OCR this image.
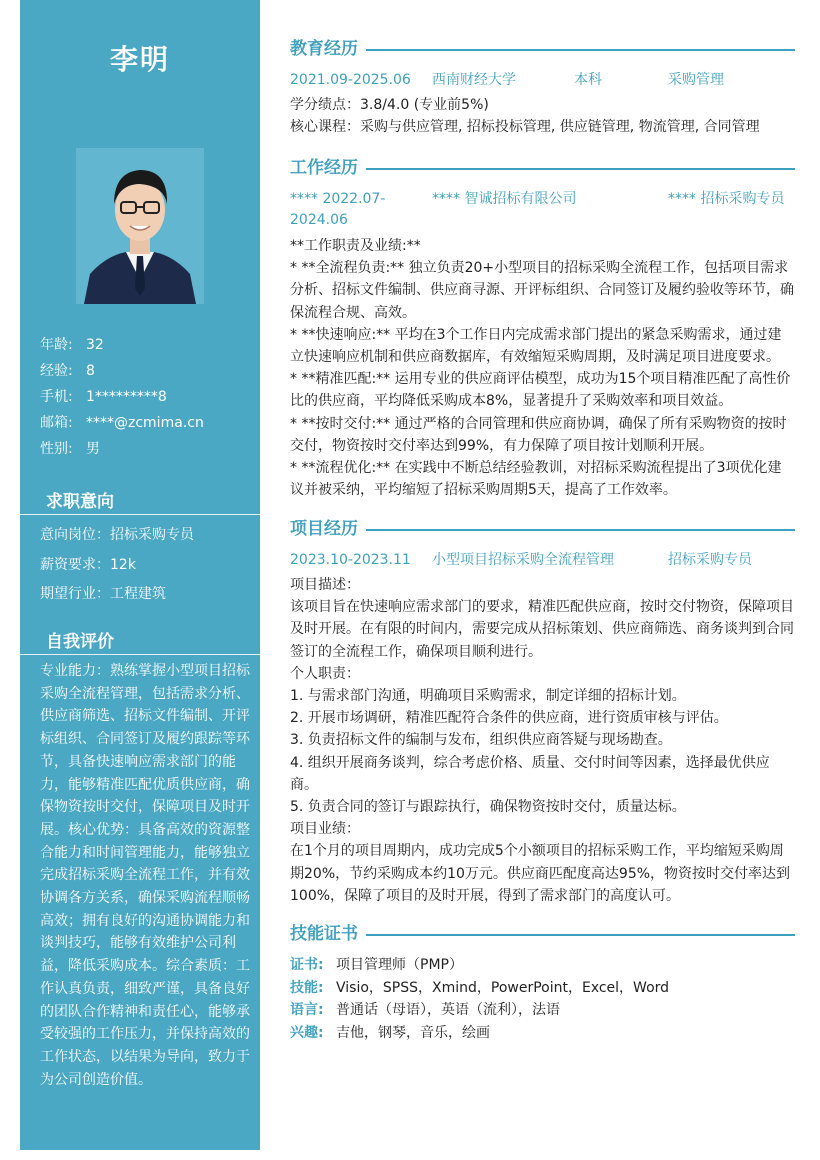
李明
年龄: 32
经验: 8
手机: 1*********8
邮箱: ****@zcmima.cn
性别: 男
求职意向
意向岗位：招标采购专员
薪资要求：12k
期望行业：工程建筑
自我评价
专业能力：熟练掌握小型项目招标采购全流程管理，包括需求分析、供应商筛选、招标文件编制、开评标组织、合同签订及履约跟踪等环节，具备快速响应需求部门的能力，能够精准匹配优质供应商，确保物资按时交付，保障项目及时开展。核心优势：具备高效的资源整合能力和时间管理能力，能够独立完成招标采购全流程工作，并有效协调各方关系，确保采购流程顺畅高效；拥有良好的沟通协调能力和谈判技巧，能够有效维护公司利益，降低采购成本。综合素质：工作认真负责，细致严谨，具备良好的团队合作精神和责任心，能够承受较强的工作压力，并保持高效的工作状态，以结果为导向，致力于为公司创造价值。
教育经历
2021.09-2025.06 西南财经大学	本科	采购管理

学分绩点：3.8/4.0 (专业前5%)

核心课程：采购与供应管理, 招标投标管理, 供应链管理, 物流管理, 合同管理

工作经历
**** 2022.07-
2024.06
**** 智诚招标有限公司	**** 招标采购专员

**工作职责及业绩:**

* **全流程负责:** 独立负责20+小型项目的招标采购全流程工作，包括项目需求分析、招标文件编制、供应商寻源、开评标组织、合同签订及履约验收等环节，确保流程合规、高效。

* **快速响应:** 平均在3个工作日内完成需求部门提出的紧急采购需求，通过建立快速响应机制和供应商数据库，有效缩短采购周期，及时满足项目进度要求。

* **精准匹配:** 运用专业的供应商评估模型，成功为15个项目精准匹配了高性价比的供应商，平均降低采购成本8%，显著提升了采购效率和项目效益。

* **按时交付:** 通过严格的合同管理和供应商协调，确保了所有采购物资的按时交付，物资按时交付率达到99%，有力保障了项目按计划顺利开展。

* **流程优化:** 在实践中不断总结经验教训，对招标采购流程提出了3项优化建议并被采纳，平均缩短了招标采购周期5天，提高了工作效率。

项目经历
2023.10-2023.11 小型项目招标采购全流程管理	招标采购专员

项目描述：

该项目旨在快速响应需求部门的要求，精准匹配供应商，按时交付物资，保障项目及时开展。在有限的时间内，需要完成从招标策划、供应商筛选、商务谈判到合同签订的全流程工作，确保项目顺利进行。

个人职责：

1. 与需求部门沟通，明确项目采购需求，制定详细的招标计划。

2. 开展市场调研，精准匹配符合条件的供应商，进行资质审核与评估。

3. 负责招标文件的编制与发布，组织供应商答疑与现场勘查。

4. 组织开展商务谈判，综合考虑价格、质量、交付时间等因素，选择最优供应商。

5. 负责合同的签订与跟踪执行，确保物资按时交付，质量达标。

项目业绩：

在1个月的项目周期内，成功完成5个小额项目的招标采购工作，平均缩短采购周期20%，节约采购成本约10万元。供应商匹配度高达95%，物资按时交付率达到100%，保障了项目的及时开展，得到了需求部门的高度认可。

技能证书
证书: 项目管理师（PMP）
技能: Visio，SPSS，Xmind，PowerPoint，Excel，Word
语言: 普通话（母语），英语（流利），法语
兴趣: 吉他，钢琴，音乐，绘画
